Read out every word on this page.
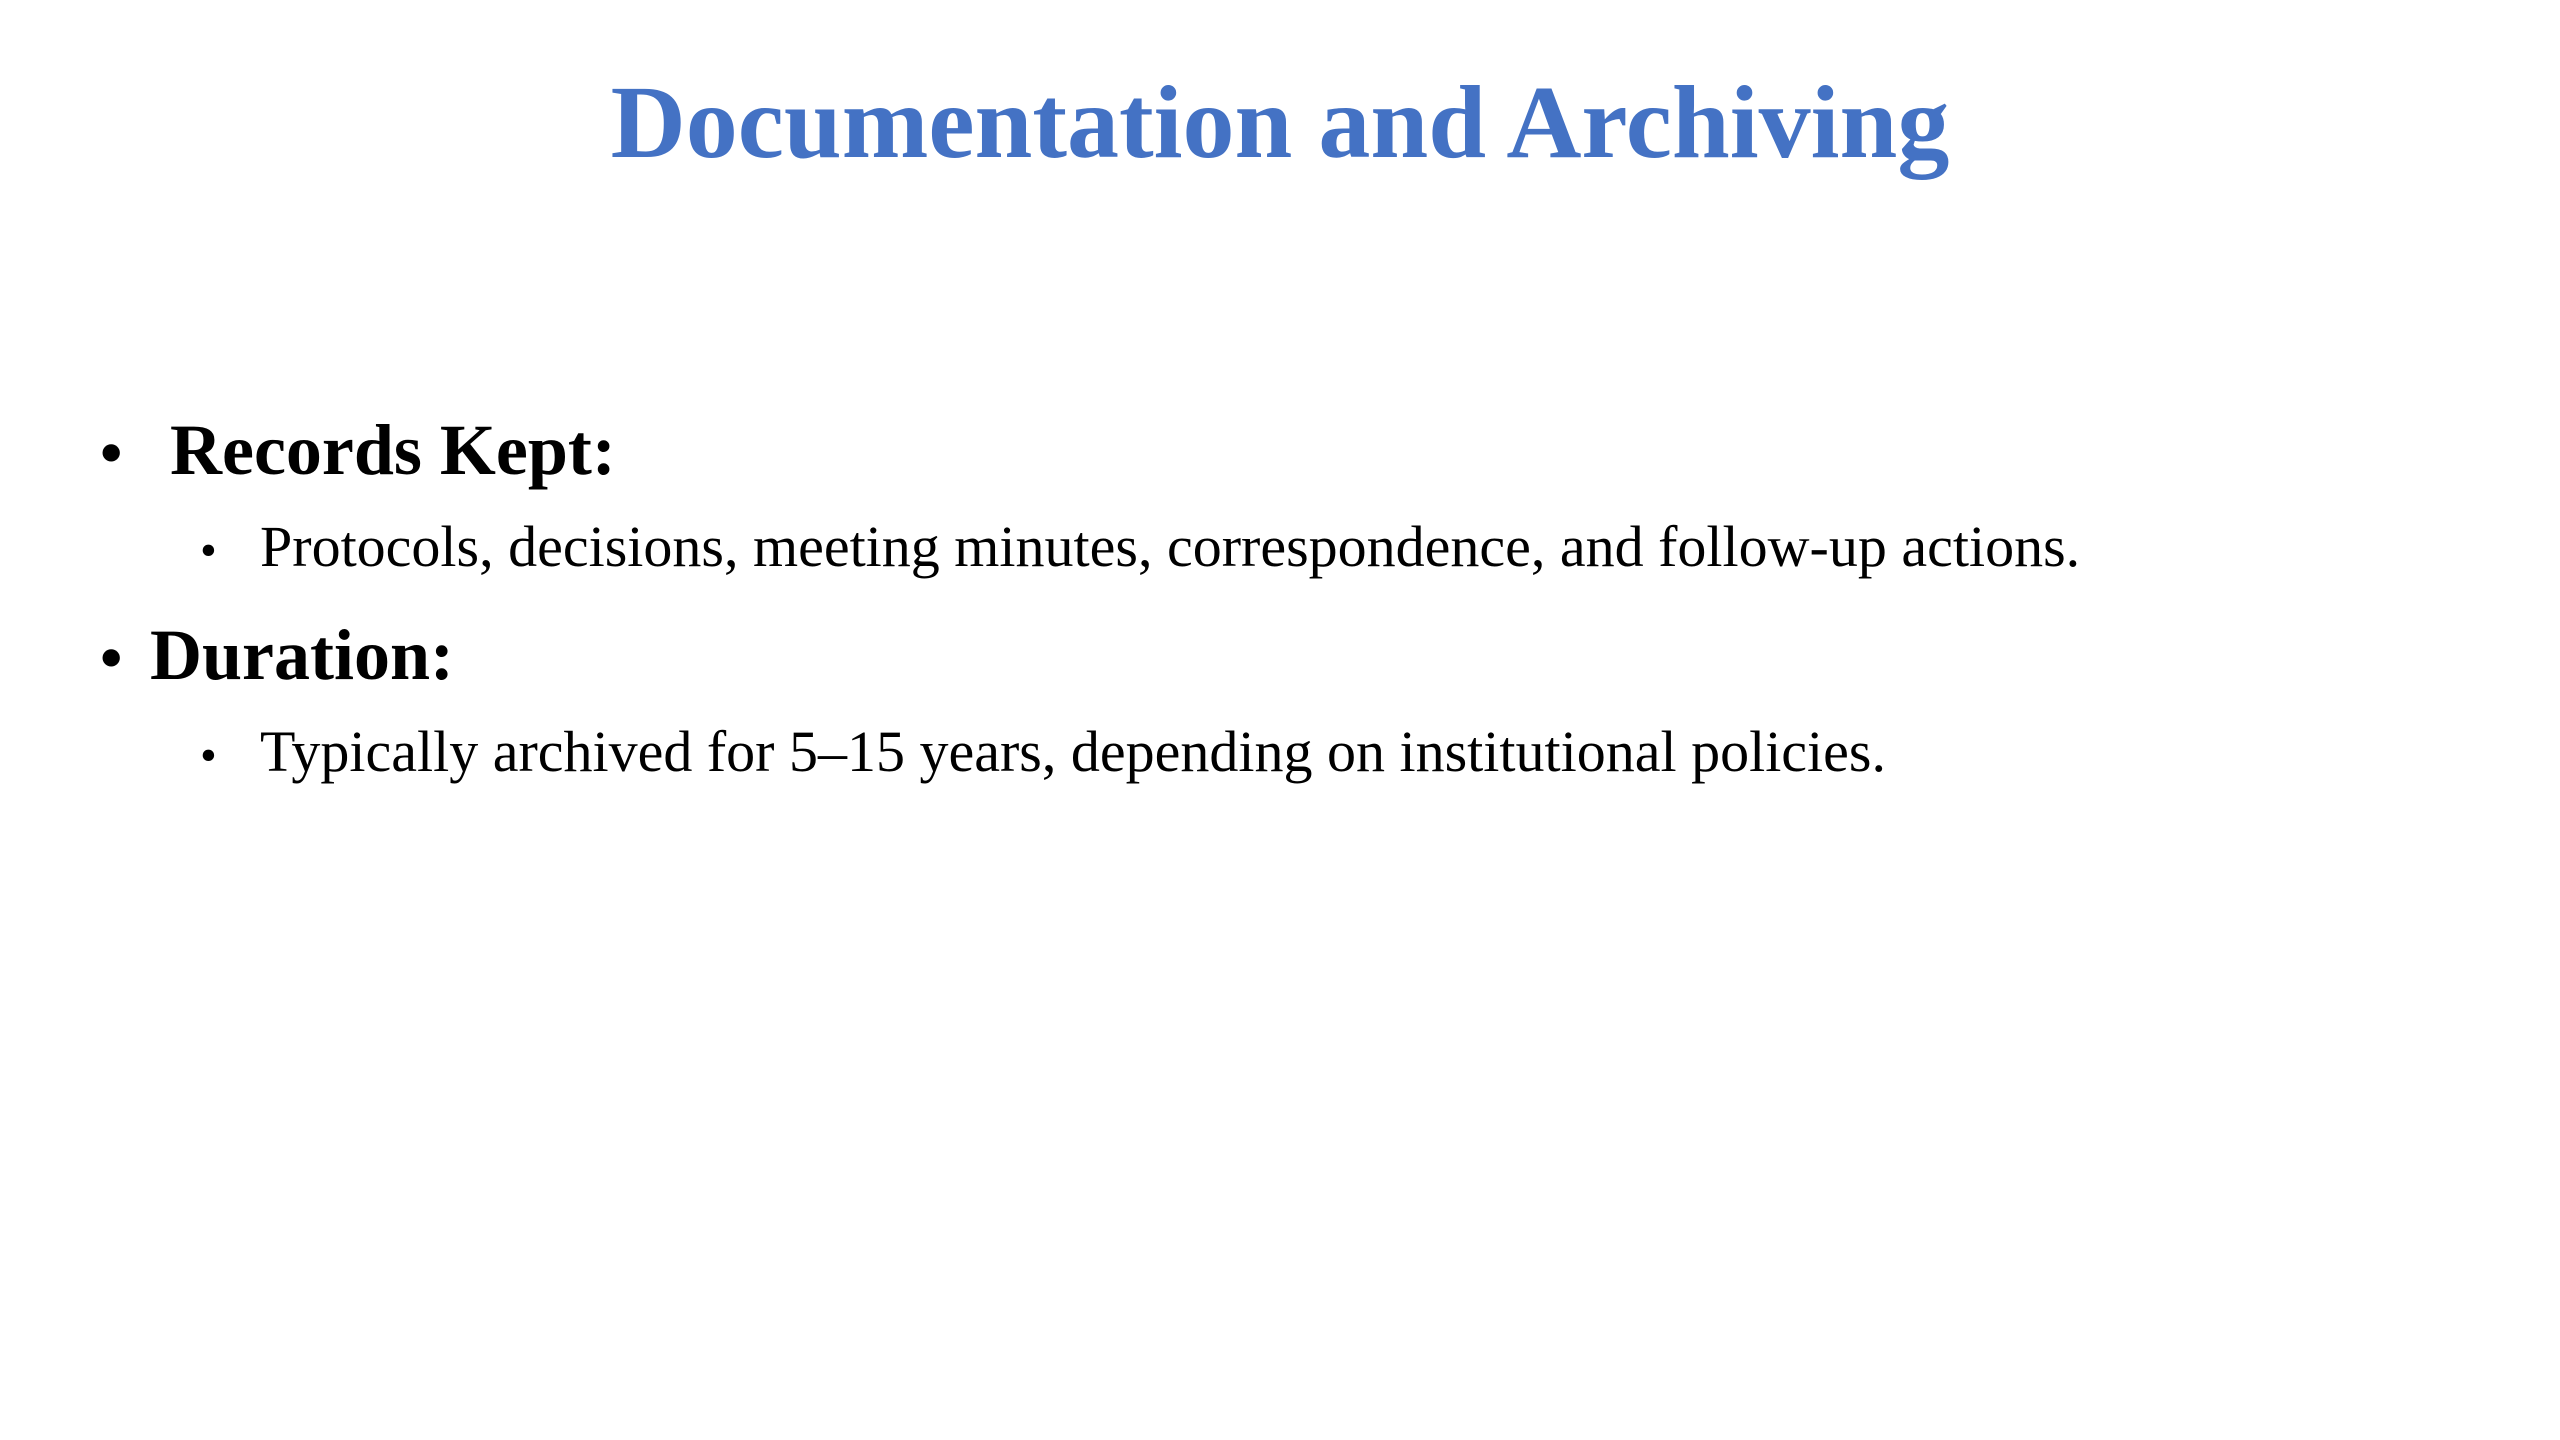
Documentation and Archiving
• Records Kept:
• Protocols, decisions, meeting minutes, correspondence, and follow-up actions.
• Duration:
• Typically archived for 5–15 years, depending on institutional policies.
